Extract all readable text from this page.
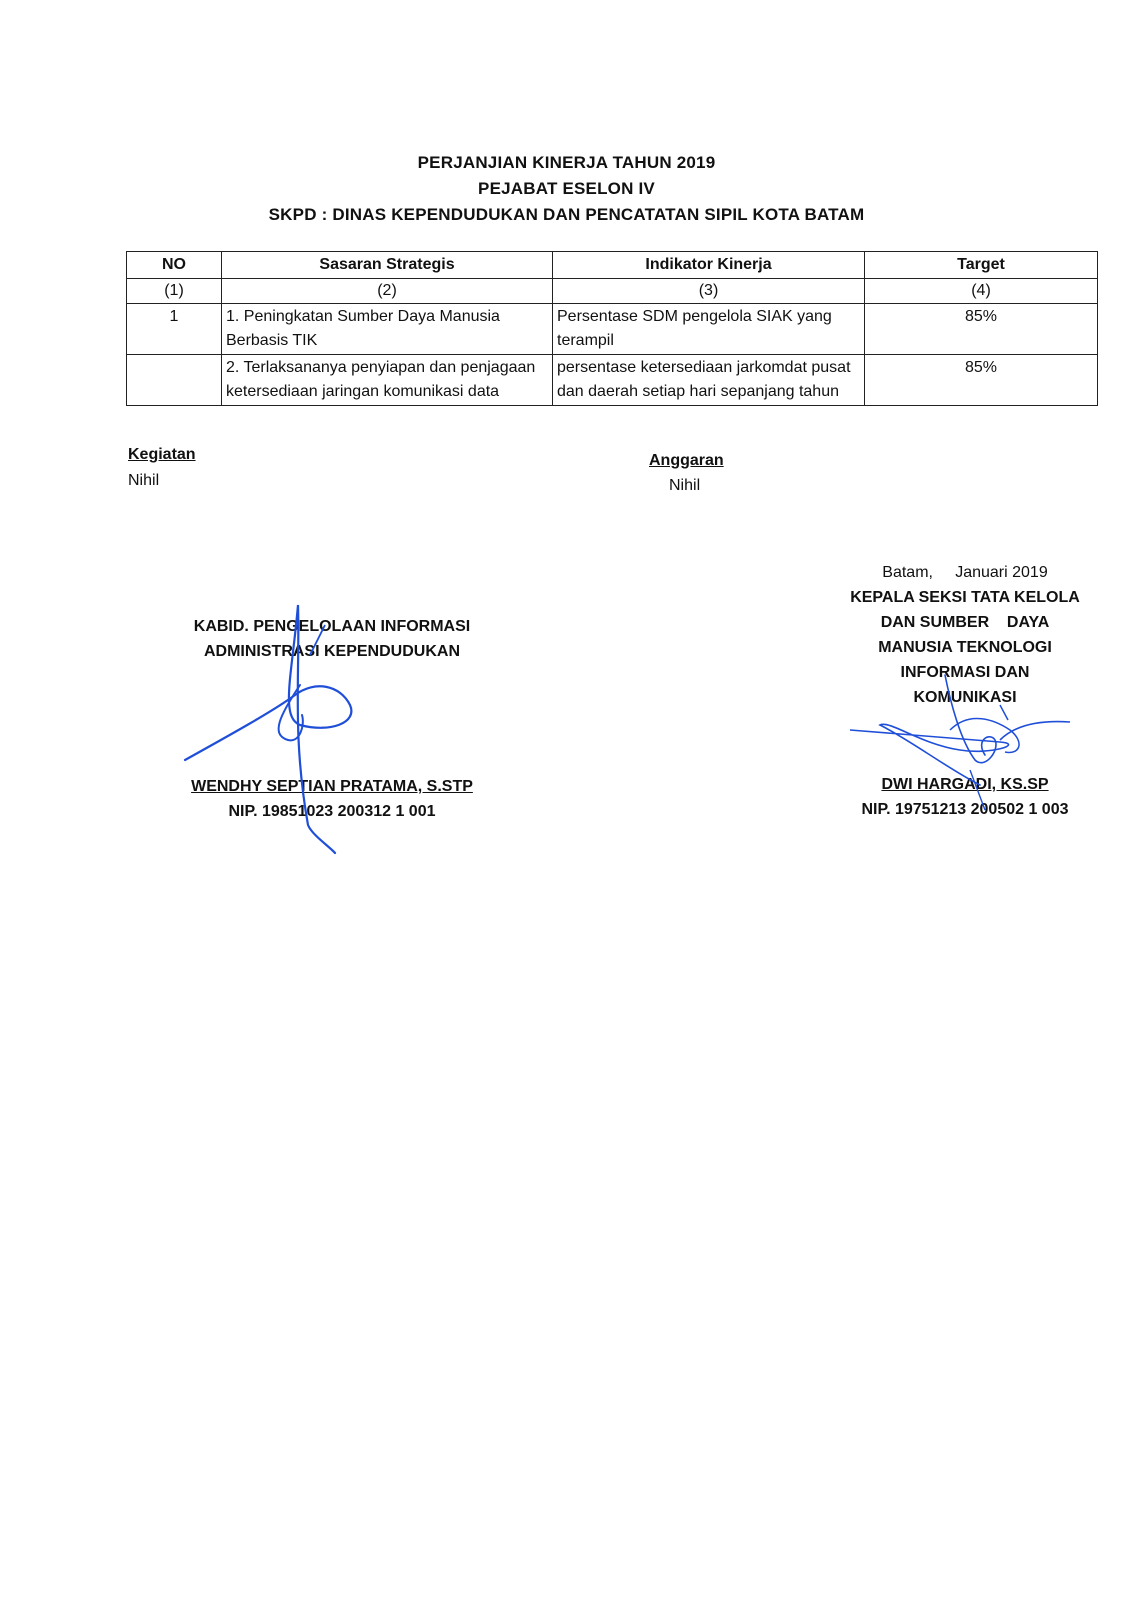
PERJANJIAN KINERJA TAHUN 2019
PEJABAT ESELON IV
SKPD : DINAS KEPENDUDUKAN DAN PENCATATAN SIPIL KOTA BATAM
NO	Sasaran Strategis	Indikator Kinerja	Target
(1)	(2)	(3)	(4)
1	1. Peningkatan Sumber Daya Manusia Berbasis TIK	Persentase SDM pengelola SIAK yang terampil	85%
	2. Terlaksananya penyiapan dan penjagaan ketersediaan jaringan komunikasi data	persentase ketersediaan jarkomdat pusat dan daerah setiap hari sepanjang tahun	85%
Kegiatan
Nihil
Anggaran
Nihil
KABID. PENGELOLAAN INFORMASI
ADMINISTRASI KEPENDUDUKAN
WENDHY SEPTIAN PRATAMA, S.STP
NIP. 19851023 200312 1 001
Batam,     Januari 2019
KEPALA SEKSI TATA KELOLA
DAN SUMBER    DAYA
MANUSIA TEKNOLOGI
INFORMASI DAN
KOMUNIKASI
DWI HARGADI, KS.SP
NIP. 19751213 200502 1 003
